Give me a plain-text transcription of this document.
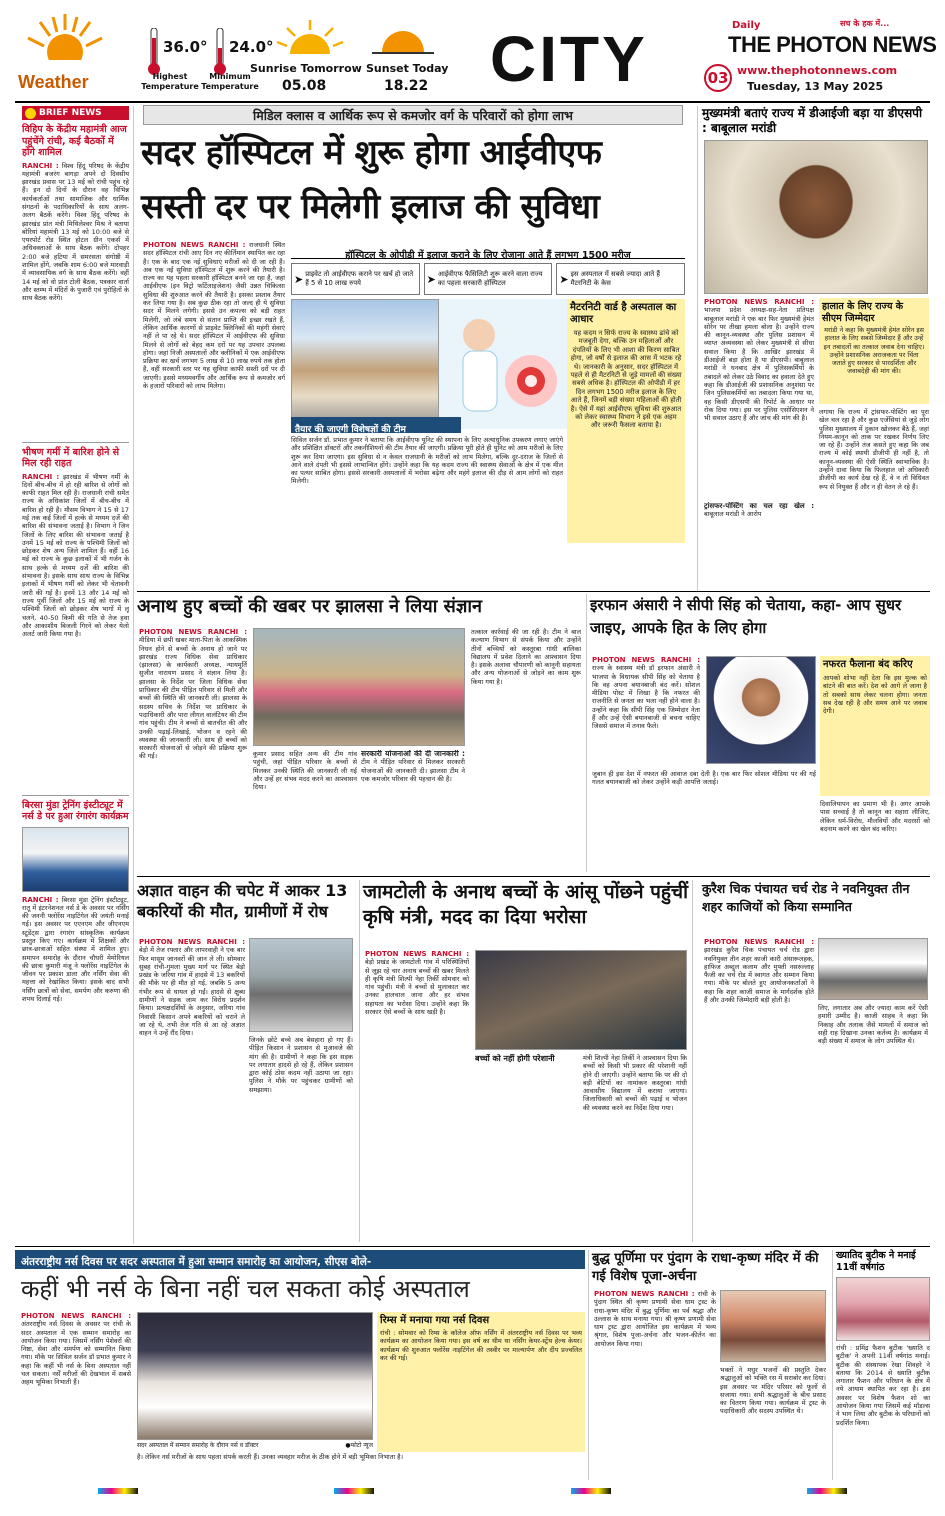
Weather
36.0°
Highest Temperature
24.0°
Minimum Temperature
Sunrise Tomorrow
05.08
Sunset Today
18.22 CITY	Daily	सच के हक में...
THE PHOTON NEWS
03 www.thephotonnews.com
Tuesday, 13 May 2025
BRIEF NEWS
विहिप के केंद्रीय महामंत्री आज पहुंचेंगे रांची, कई बैठकों में होंगे शामिल
RANCHI : विश्व हिंदू परिषद के केंद्रीय महामंत्री बजरंग बागड़ा अपने दो दिवसीय झारखंड प्रवास पर 13 मई को रांची पहुंच रहे हैं। इन दो दिनों के दौरान वह विभिन्न कार्यकर्ताओं तथा सामाजिक और धार्मिक संगठनों के पदाधिकारियों के साथ अलग-अलग बैठकें करेंगे। विश्व हिंदू परिषद के झारखंड प्रांत मंत्री मिथिलेश्वर मिश्र ने बताया बोरियां महामंत्री 13 मई को 10:00 बजे से एयरपोर्ट रोड स्थित होटल ग्रीन एकर्स में अधिवक्ताओं के साथ बैठक करेंगे। दोपहर 2:00 बजे हटिया में समरसता संगोष्ठी में शामिल होंगे, जबकि शाम 6:00 बजे मारवाड़ी में व्यावसायिक वर्ग के साथ बैठक करेंगे। वहीं 14 मई को वो प्रांत टोली बैठक, पत्रकार वार्ता और स्तम्भ में मंदिरों के पुजारी एवं पुरोहितों के साथ बैठक करेंगे।
भीषण गर्मी में बारिश होने से मिल रही राहत
RANCHI : झारखंड में भीषण गर्मी के दिनों बीच-बीच में हो रही बारिश से लोगों को काफी राहत मिल रही है। राजधानी रांची समेत राज्य के अधिकांश जिलों में बीच-बीच में बारिश हो रही है। मौसम विभाग ने 15 से 17 मई तक कई जिलों में हल्के से मध्यम दर्जे की बारिश की संभावना जताई है। विभाग ने जिन जिलों के लिए बारिश की संभावना जताई है उनमें 15 मई को राज्य के पश्चिमी जिलों को छोड़कर शेष अन्य जिले शामिल हैं। वहीं 16 मई को राज्य के कुछ इलाकों में भी गर्जन के साथ हल्के से मध्यम दर्जे की बारिश की संभावना है। इसके साथ साथ राज्य के विभिन्न इलाकों में भीषण गर्मी को लेकर भी चेतावनी जारी की गई है। इनमें 13 और 14 मई को राज्य पूर्वी जिलों और 15 मई को राज्य के पश्चिमी जिलों को छोड़कर शेष भागों में लू चलने, 40-50 किमी की गति से तेज हवा और आकाशीय बिजली गिरने को लेकर येलो अलर्ट जारी किया गया है।
बिरसा मुंडा ट्रेनिंग इंस्टीट्यूट में नर्स डे पर हुआ रंगारंग कार्यक्रम
RANCHI : बिरसा मुंडा ट्रेनिंग इंस्टीट्यूट, रातू में इंटरनेशनल नर्स डे के अवसर पर नर्सिंग की जननी फ्लोरेंस नाइटिंगेल की जयंती मनाई गई। इस अवसर पर एएनएम और जीएनएम स्टूडेंट्स द्वारा रंगारंग सांस्कृतिक कार्यक्रम प्रस्तुत किए गए। कार्यक्रम में शिक्षकों और छात्र-छात्राओं सहित संस्था में शामिल हुए। समापन समारोह के दौरान चौधरी मेमोरियल की छात्रा कुमारी मंजू ने फ्लोरेंस नाइटिंगेल के जीवन पर प्रकाश डाला और नर्सिंग सेवा की महत्ता को रेखांकित किया। इसके बाद सभी नर्सिंग छात्रों को सेवा, समर्पण और करुणा की शपथ दिलाई गई।
मिडिल क्लास व आर्थिक रूप से कमजोर वर्ग के परिवारों को होगा लाभ
सदर हॉस्पिटल में शुरू होगा आईवीएफ
सस्ती दर पर मिलेगी इलाज की सुविधा
PHOTON NEWS RANCHI : राजधानी स्थित सदर हॉस्पिटल रांची आए दिन नए कीर्तिमान स्थापित कर रहा है। एक के बाद एक नई सुविधाएं मरीजों को दी जा रही हैं। अब एक नई सुविधा हॉस्पिटल में शुरू करने की तैयारी है। राज्य का यह पहला सरकारी हॉस्पिटल बनने जा रहा है, जहां आईवीएफ (इन विट्रो फर्टिलाइजेशन) जैसी उन्नत चिकित्सा सुविधा की शुरुआत करने की तैयारी है। इसका प्रस्ताव तैयार कर लिया गया है। सब कुछ ठीक रहा तो जल्द ही ये सुविधा सदर में मिलने लगेगी। इससे उन कपल्स को बड़ी राहत मिलेगी, जो लंबे समय से संतान प्राप्ति की इच्छा रखते हैं, लेकिन आर्थिक कारणों से प्राइवेट क्लिनिकों की महंगी सेवाएं नहीं ले पा रहे थे। सदर हॉस्पिटल में आईवीएफ की सुविधा मिलने से लोगों को बेहद कम दरों पर यह उपचार उपलब्ध होगा। जहां निजी अस्पतालों और क्लीनिकों में एक आईवीएफ प्रक्रिया का खर्च लगभग 5 लाख से 10 लाख रुपये तक होता है, वहीं सरकारी स्तर पर यह सुविधा काफी सस्ती दरों पर दी जाएगी। इससे मध्यमवर्गीय और आर्थिक रूप से कमजोर वर्ग के हजारों परिवारों को लाभ मिलेगा।
हॉस्पिटल के ओपीडी में इलाज कराने के लिए रोजाना आते हैं लगभग 1500 मरीज
➤ प्राइवेट तो आईवीएफ कराने पर खर्च हो जाते हैं 5 से 10 लाख रुपये	➤ आईवीएफ फैसिलिटी शुरू करने वाला राज्य का पहला सरकारी हॉस्पिटल	➤ इस अस्पताल में सबसे ज्यादा आते हैं मैटरनिटी के केस
तैयार की जाएगी विशेषज्ञों की टीम
मैटरनिटी वार्ड है अस्पताल का आधार
यह कदम न सिर्फ राज्य के स्वास्थ्य ढांचे को मजबूती देगा, बल्कि उन महिलाओं और दंपतियों के लिए भी आशा की किरण साबित होगा, जो वर्षों से इलाज की आस में भटक रहे थे। जानकारी के अनुसार, सदर हॉस्पिटल में पहले से ही मैटरनिटी से जुड़े मामलों की संख्या सबसे अधिक है। हॉस्पिटल की ओपीडी में हर दिन लगभग 1500 मरीज इलाज के लिए आते हैं, जिनमें बड़ी संख्या महिलाओं की होती है। ऐसे में यहां आईवीएफ सुविधा की शुरुआत को लेकर स्वास्थ्य विभाग ने इसे एक अहम और जरूरी फैसला बताया है।
सिविल सर्जन डॉ. प्रभात कुमार ने बताया कि आईवीएफ यूनिट की स्थापना के लिए अत्याधुनिक उपकरण लगाए जाएंगे और प्रशिक्षित डॉक्टरों और तकनीशियनों की टीम तैयार की जाएगी। प्रक्रिया पूरी होते ही यूनिट को आम मरीजों के लिए शुरू कर दिया जाएगा। इस सुविधा से न केवल राजधानी के मरीजों को लाभ मिलेगा, बल्कि दूर-दराज के जिलों से आने वाले दंपती भी इससे लाभान्वित होंगे। उन्होंने कहा कि यह कदम राज्य की स्वास्थ्य सेवाओं के क्षेत्र में एक मील का पत्थर साबित होगा। इससे सरकारी अस्पतालों में भरोसा बढ़ेगा और महंगे इलाज की दौड़ से आम लोगों को राहत मिलेगी।
मुख्यमंत्री बताएं राज्य में डीआईजी बड़ा या डीएसपी : बाबूलाल मरांडी
PHOTON NEWS RANCHI : भाजपा प्रदेश अध्यक्ष-सह-नेता प्रतिपक्ष बाबूलाल मरांडी ने एक बार फिर मुख्यमंत्री हेमंत सोरेन पर तीखा हमला बोला है। उन्होंने राज्य की कानून-व्यवस्था और पुलिस प्रशासन में व्याप्त अव्यवस्था को लेकर मुख्यमंत्री से सीधा सवाल किया है कि आखिर झारखंड में डीआईजी बड़ा होता है या डीएसपी। बाबूलाल मरांडी ने धनबाद क्षेत्र में पुलिसकर्मियों के तबादले को लेकर उठे विवाद का हवाला देते हुए कहा कि डीआईजी की प्रशासनिक अनुशंसा पर जिन पुलिसकर्मियों का तबादला किया गया था, वह किसी डीएसपी की रिपोर्ट के आधार पर रोक दिया गया। इस पर पुलिस एसोसिएशन ने भी सवाल उठाए हैं और जांच की मांग की है।
हालात के लिए राज्य के सीएम जिम्मेदार
मरांडी ने कहा कि मुख्यमंत्री हेमंत सोरेन इस हालात के लिए सबसे जिम्मेदार हैं और उन्हें इन तबादलों का तत्काल जवाब देना चाहिए। उन्होंने प्रशासनिक अराजकता पर चिंता जताते हुए सरकार से पारदर्शिता और जवाबदेही की मांग की।
लगाया कि राज्य में ट्रांसफर-पोस्टिंग का पूरा खेल चल रहा है और कुछ एजेंसियां से जुड़े लोग पुलिस मुख्यालय में दुकान खोलकर बैठे हैं, जहां नियम-कानून को ताक पर रखकर निर्णय लिए जा रहे हैं। उन्होंने तंज कसते हुए कहा कि जब राज्य में कोई स्थायी डीजीपी ही नहीं है, तो कानून-व्यवस्था की ऐसी स्थिति स्वाभाविक है। उन्होंने दावा किया कि फिलहाल जो अधिकारी डीजीपी का कार्य देख रहे हैं, वे न तो विधिवत रूप से नियुक्त हैं और न ही वेतन ले रहे हैं।
ट्रांसफर-पोस्टिंग का चल रहा खेल : बाबूलाल मरांडी ने आरोप
अनाथ हुए बच्चों की खबर पर झालसा ने लिया संज्ञान
PHOTON NEWS RANCHI : मीडिया में छपी खबर माता-पिता के आकस्मिक निधन होने से बच्चों के अनाथ हो जाने पर झारखंड राज्य विधिक सेवा प्राधिकार (झालसा) के कार्यकारी अध्यक्ष, न्यायमूर्ति सुजीत नारायण प्रसाद ने संज्ञान लिया है। झालसा के निर्देश पर जिला विधिक सेवा प्राधिकार की टीम पीड़ित परिवार से मिली और बच्चों की स्थिति की जानकारी ली। झालसा के सदस्य सचिव के निर्देश पर प्राधिकार के पदाधिकारी और पारा लीगल वालंटियर की टीम गांव पहुंची। टीम ने बच्चों से बातचीत की और उनकी पढ़ाई-लिखाई, भोजन व रहने की व्यवस्था की जानकारी ली। साथ ही बच्चों को सरकारी योजनाओं से जोड़ने की प्रक्रिया शुरू की गई।	कुमार प्रसाद सहित अन्य की टीम गांव पहुंची, जहां पीड़ित परिवार के बच्चों से मिलकर उनकी स्थिति की जानकारी ली गई और उन्हें हर संभव मदद करने का आश्वासन दिया।
सरकारी योजनाओं की दी जानकारी : टीम ने पीड़ित परिवार से मिलकर सरकारी योजनाओं की जानकारी दी। झालसा टीम ने एक कमजोर परिवार की पहचान की है।
तत्काल कार्रवाई की जा रही है। टीम ने बाल कल्याण विभाग से संपर्क किया और उन्होंने तीनों बच्चियों को कस्तूरबा गांधी बालिका विद्यालय में प्रवेश दिलाने का आश्वासन दिया है। इसके अलावा चौपारणी को कानूनी सहायता और अन्य योजनाओं से जोड़ने का काम शुरू किया गया है।
इरफान अंसारी ने सीपी सिंह को चेताया, कहा- आप सुधर जाइए, आपके हित के लिए होगा
PHOTON NEWS RANCHI : राज्य के स्वास्थ्य मंत्री डॉ इरफान अंसारी ने भाजपा के विधायक सीपी सिंह को चेताया है कि वह अपना बयानबाजी बंद करें। सोशल मीडिया पोस्ट में लिखा है कि नफरत की राजनीति से जनता का भला नहीं होने वाला है। उन्होंने कहा कि सीपी सिंह एक जिम्मेदार नेता हैं और उन्हें ऐसी बयानबाजी से बचना चाहिए जिससे समाज में तनाव फैले।
नफरत फैलाना बंद करिए
आपको शोभा नहीं देता कि इस मुल्क को बांटने की बात करें। देश को आगे ले जाना है तो सबको साथ लेकर चलना होगा। जनता सब देख रही है और समय आने पर जवाब देगी।
जुबान ही इस देश में नफरत की आवाज दबा देती है। एक बार फिर सोशल मीडिया पर की गई गलत बयानबाजी को लेकर उन्होंने कड़ी आपत्ति जताई।
दिवालियापन का प्रमाण भी है। अगर आपके पास सच्चाई है तो कानून का सहारा लीजिए, लेकिन धर्म-विरोध, मौलवियों और मदरसों को बदनाम करने का खेल बंद करिए।
अज्ञात वाहन की चपेट में आकर 13 बकरियों की मौत, ग्रामीणों में रोष
PHOTON NEWS RANCHI : बेड़ो में तेज रफ्तार और लापरवाही ने एक बार फिर मासूम जानवरों की जान ले ली। सोमवार सुबह रांची-गुमला मुख्य मार्ग पर स्थित बेड़ो प्रखंड के जरिया गांव में हादसे में 13 बकरियों की मौके पर ही मौत हो गई, जबकि 5 अन्य गंभीर रूप से घायल हो गईं। हादसे से क्षुब्ध ग्रामीणों ने सड़क जाम कर विरोध प्रदर्शन किया। प्रत्यक्षदर्शियों के अनुसार, जरिया गांव निवासी किसान अपने बकरियों को चराने ले जा रहे थे, तभी तेज गति से आ रहे अज्ञात वाहन ने उन्हें रौंद दिया।
जिनके छोटे बच्चे अब बेसहारा हो गए हैं। पीड़ित किसान ने प्रशासन से मुआवजे की मांग की है। ग्रामीणों ने कहा कि इस सड़क पर लगातार हादसे हो रहे हैं, लेकिन प्रशासन द्वारा कोई ठोस कदम नहीं उठाया जा रहा। पुलिस ने मौके पर पहुंचकर ग्रामीणों को समझाया।
जामटोली के अनाथ बच्चों के आंसू पोंछने पहुंचीं कृषि मंत्री, मदद का दिया भरोसा
PHOTON NEWS RANCHI : बेड़ो प्रखंड के जामटोली गांव में परिस्थितियों से जूझ रहे चार अनाथ बच्चों की खबर मिलते ही कृषि मंत्री शिल्पी नेहा तिर्की सोमवार को गांव पहुंचीं। मंत्री ने बच्चों से मुलाकात कर उनका हालचाल जाना और हर संभव सहायता का भरोसा दिया। उन्होंने कहा कि सरकार ऐसे बच्चों के साथ खड़ी है।
बच्चों को नहीं होगी परेशानी	मंत्री शिल्पी नेहा तिर्की ने आश्वासन दिया कि बच्चों को किसी भी प्रकार की परेशानी नहीं होने दी जाएगी। उन्होंने बताया कि पर की दो बड़ी बेटियों का नामांकन कस्तूरबा गांधी आवासीय विद्यालय में कराया जाएगा। जिलाधिकारी को बच्चों की पढ़ाई व भोजन की व्यवस्था करने का निर्देश दिया गया।
कुरैश चिक पंचायत चर्च रोड ने नवनियुक्त तीन शहर काजियों को किया सम्मानित
PHOTON NEWS RANCHI : झारखंड कुरैश चिक पंचायत चर्च रोड द्वारा नवनियुक्त तीन शहर काजी कारी अंसारूलहक, हाफिज अब्दुल कलाम और मुफ्ती नसरुल्लाह फैजी का चर्च रोड में स्वागत और सम्मान किया गया। मौके पर बोलते हुए आयोजनकर्ताओं ने कहा कि शहर काजी समाज के मार्गदर्शक होते हैं और उनकी जिम्मेदारी बड़ी होती है।
लिए, लगातार अब और ज्यादा काम करें ऐसी हमारी उम्मीद है। काजी साहब ने कहा कि निकाह और तलाक जैसे मामलों में समाज को सही राह दिखाना उनका कर्तव्य है। कार्यक्रम में बड़ी संख्या में समाज के लोग उपस्थित थे।
अंतरराष्ट्रीय नर्स दिवस पर सदर अस्पताल में हुआ सम्मान समारोह का आयोजन, सीएस बोले-
कहीं भी नर्स के बिना नहीं चल सकता कोई अस्पताल
PHOTON NEWS RANCHI : अंतरराष्ट्रीय नर्स दिवस के अवसर पर रांची के सदर अस्पताल में एक सम्मान समारोह का आयोजन किया गया। जिसमें नर्सिंग पेशेवरों की निष्ठा, सेवा और समर्पण को सम्मानित किया गया। मौके पर सिविल सर्जन डॉ प्रभात कुमार ने कहा कि कहीं भी नर्स के बिना अस्पताल नहीं चल सकता। नर्सें मरीजों की देखभाल में सबसे अहम भूमिका निभाती हैं।
सदर अस्पताल में सम्मान समारोह के दौरान नर्स व डॉक्टर	●फोटो न्यूज
रिम्स में मनाया गया नर्स दिवस
रांची : सोमवार को रिम्स के कॉलेज ऑफ नर्सिंग में अंतरराष्ट्रीय नर्स दिवस पर भव्य कार्यक्रम का आयोजन किया गया। इस वर्ष का थीम था नर्सिंग केयर-स्ट्रेंथ हेल्थ केयर। कार्यक्रम की शुरुआत फ्लोरेंस नाइटिंगेल की तस्वीर पर माल्यार्पण और दीप प्रज्वलित कर की गई।
है। लेकिन नर्स मरीजों के साथ पहला संपर्क करती हैं। उनका व्यवहार मरीज के ठीक होने में बड़ी भूमिका निभाता है।
बुद्ध पूर्णिमा पर पुंदाग के राधा-कृष्ण मंदिर में की गई विशेष पूजा-अर्चना
PHOTON NEWS RANCHI : रांची के पुंदाग स्थित श्री कृष्ण प्रणामी सेवा धाम ट्रस्ट के राधा-कृष्ण मंदिर में बुद्ध पूर्णिमा का पर्व श्रद्धा और उल्लास के साथ मनाया गया। श्री कृष्ण प्रणामी सेवा धाम ट्रस्ट द्वारा आयोजित इस कार्यक्रम में भव्य श्रृंगार, विशेष पूजा-अर्चना और भजन-कीर्तन का आयोजन किया गया।
भक्तों ने मधुर भजनों की प्रस्तुति देकर श्रद्धालुओं को भक्ति रस में सराबोर कर दिया। इस अवसर पर मंदिर परिसर को फूलों से सजाया गया। सभी श्रद्धालुओं के बीच प्रसाद का वितरण किया गया। कार्यक्रम में ट्रस्ट के पदाधिकारी और सदस्य उपस्थित थे।
ख्यातिद बुटीक ने मनाई 11वीं वर्षगांठ
रांची : प्रमिंद्र फैशन बुटीक 'ख्याति द बुटीक' ने अपनी 11वीं वर्षगांठ मनाई। बुटीक की संस्थापक रेखा शिवहरे ने बताया कि 2014 से ख्याति बुटीक लगातार फैशन और परिधान के क्षेत्र में नये आयाम स्थापित कर रहा है। इस अवसर पर विशेष फैशन शो का आयोजन किया गया जिसमें कई मॉडल्स ने भाग लिया और बुटीक के परिधानों को प्रदर्शित किया।
